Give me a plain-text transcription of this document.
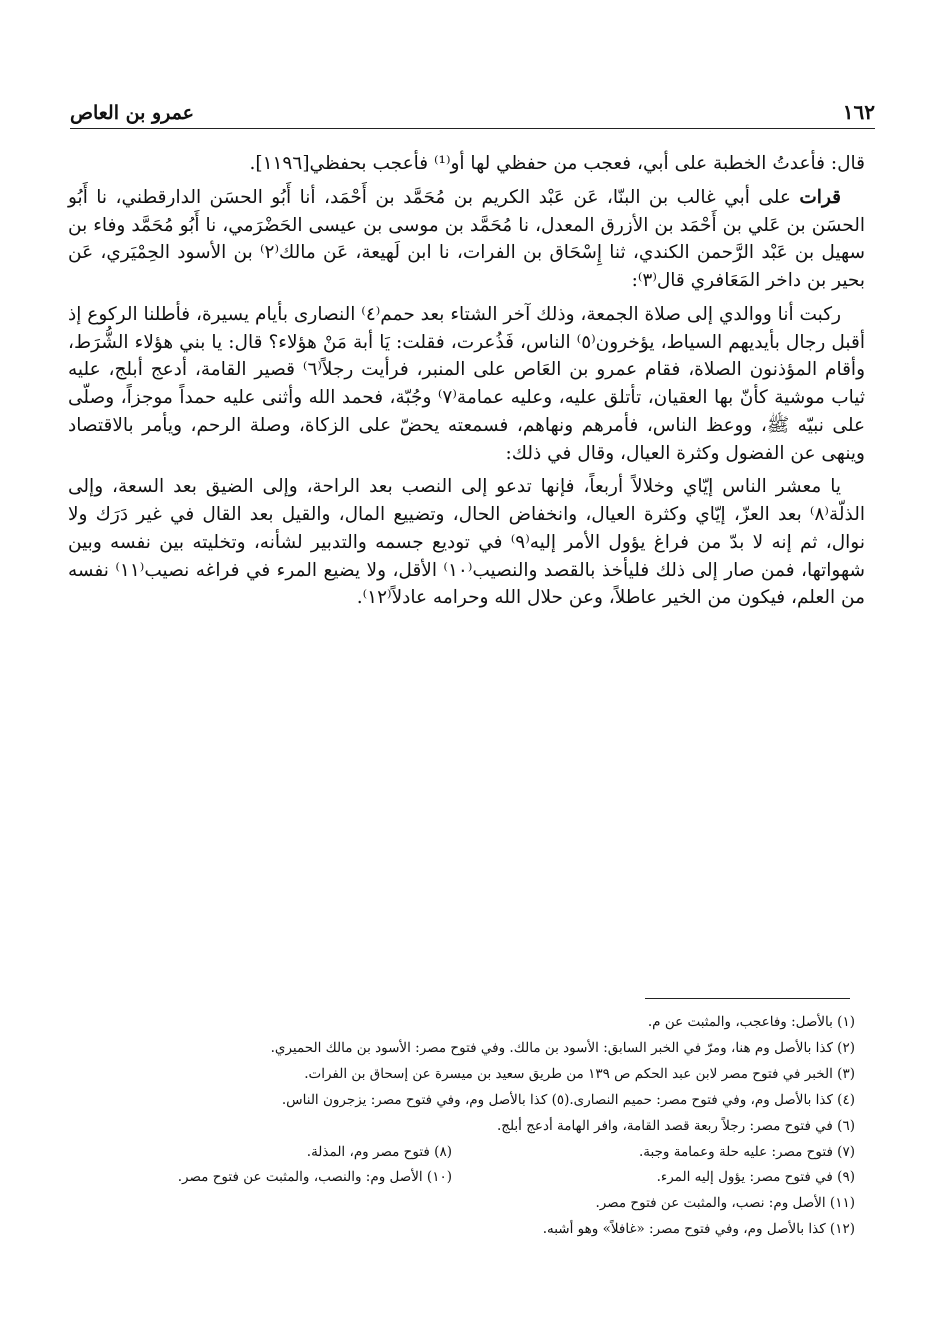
١٦٢
عمرو بن العاص

قال: فأعدتُ الخطبة على أبي، فعجب من حفظي لها أو⁽¹⁾ فأعجب بحفظي[١١٩٦].

قرات على أبي غالب بن البنّا، عَن عَبْد الكريم بن مُحَمَّد بن أَحْمَد، أنا أَبُو الحسَن الدارقطني، نا أَبُو الحسَن بن عَلي بن أَحْمَد بن الأزرق المعدل، نا مُحَمَّد بن موسى بن عيسى الحَضْرَمي، نا أَبُو مُحَمَّد وفاء بن سهيل بن عَبْد الرَّحمن الكندي، ثنا إِسْحَاق بن الفرات، نا ابن لَهيعة، عَن مالك⁽٢⁾ بن الأسود الحِمْيَري، عَن بحير بن داخر المَعَافري قال⁽٣⁾:

ركبت أنا ووالدي إلى صلاة الجمعة، وذلك آخر الشتاء بعد حمم⁽٤⁾ النصارى بأيام يسيرة، فأطلنا الركوع إذ أقبل رجال بأيديهم السياط، يؤخرون⁽٥⁾ الناس، فَذُعرت، فقلت: يَا أبة مَنْ هؤلاء؟ قال: يا بني هؤلاء الشُّرَط، وأقام المؤذنون الصلاة، فقام عمرو بن العَاص على المنبر، فرأيت رجلاً⁽٦⁾ قصير القامة، أدعج أبلج، عليه ثياب موشية كأنّ بها العقيان، تأتلق عليه، وعليه عمامة⁽٧⁾ وجُبّة، فحمد الله وأثنى عليه حمداً موجزاً، وصلّى على نبيّه ﷺ، ووعظ الناس، فأمرهم ونهاهم، فسمعته يحضّ على الزكاة، وصلة الرحم، ويأمر بالاقتصاد وينهى عن الفضول وكثرة العيال، وقال في ذلك:

يا معشر الناس إيّاي وخلالاً أربعاً، فإنها تدعو إلى النصب بعد الراحة، وإلى الضيق بعد السعة، وإلى الذلّة⁽٨⁾ بعد العزّ، إيّاي وكثرة العيال، وانخفاض الحال، وتضييع المال، والقيل بعد القال في غير دَرَك ولا نوال، ثم إنه لا بدّ من فراغ يؤول الأمر إليه⁽٩⁾ في توديع جسمه والتدبير لشأنه، وتخليته بين نفسه وبين شهواتها، فمن صار إلى ذلك فليأخذ بالقصد والنصيب⁽١٠⁾ الأقل، ولا يضيع المرء في فراغه نصيب⁽١١⁾ نفسه من العلم، فيكون من الخير عاطلاً، وعن حلال الله وحرامه عادلاً⁽١٢⁾.

(١) بالأصل: وفاعجب، والمثبت عن م.
(٢) كذا بالأصل وم هنا، ومرّ في الخبر السابق: الأسود بن مالك. وفي فتوح مصر: الأسود بن مالك الحميري.
(٣) الخبر في فتوح مصر لابن عبد الحكم ص ١٣٩ من طريق سعيد بن ميسرة عن إسحاق بن الفرات.
(٤) كذا بالأصل وم، وفي فتوح مصر: حميم النصارى.(٥) كذا بالأصل وم، وفي فتوح مصر: يزجرون الناس.
(٦) في فتوح مصر: رجلاً ربعة قصد القامة، وافر الهامة أدعج أبلج.
(٧) فتوح مصر: عليه حلة وعمامة وجبة.
(٨) فتوح مصر وم، المذلة.
(٩) في فتوح مصر: يؤول إليه المرء.
(١٠) الأصل وم: والنصب، والمثبت عن فتوح مصر.
(١١) الأصل وم: نصب، والمثبت عن فتوح مصر.
(١٢) كذا بالأصل وم، وفي فتوح مصر: «غافلاً» وهو أشبه.
